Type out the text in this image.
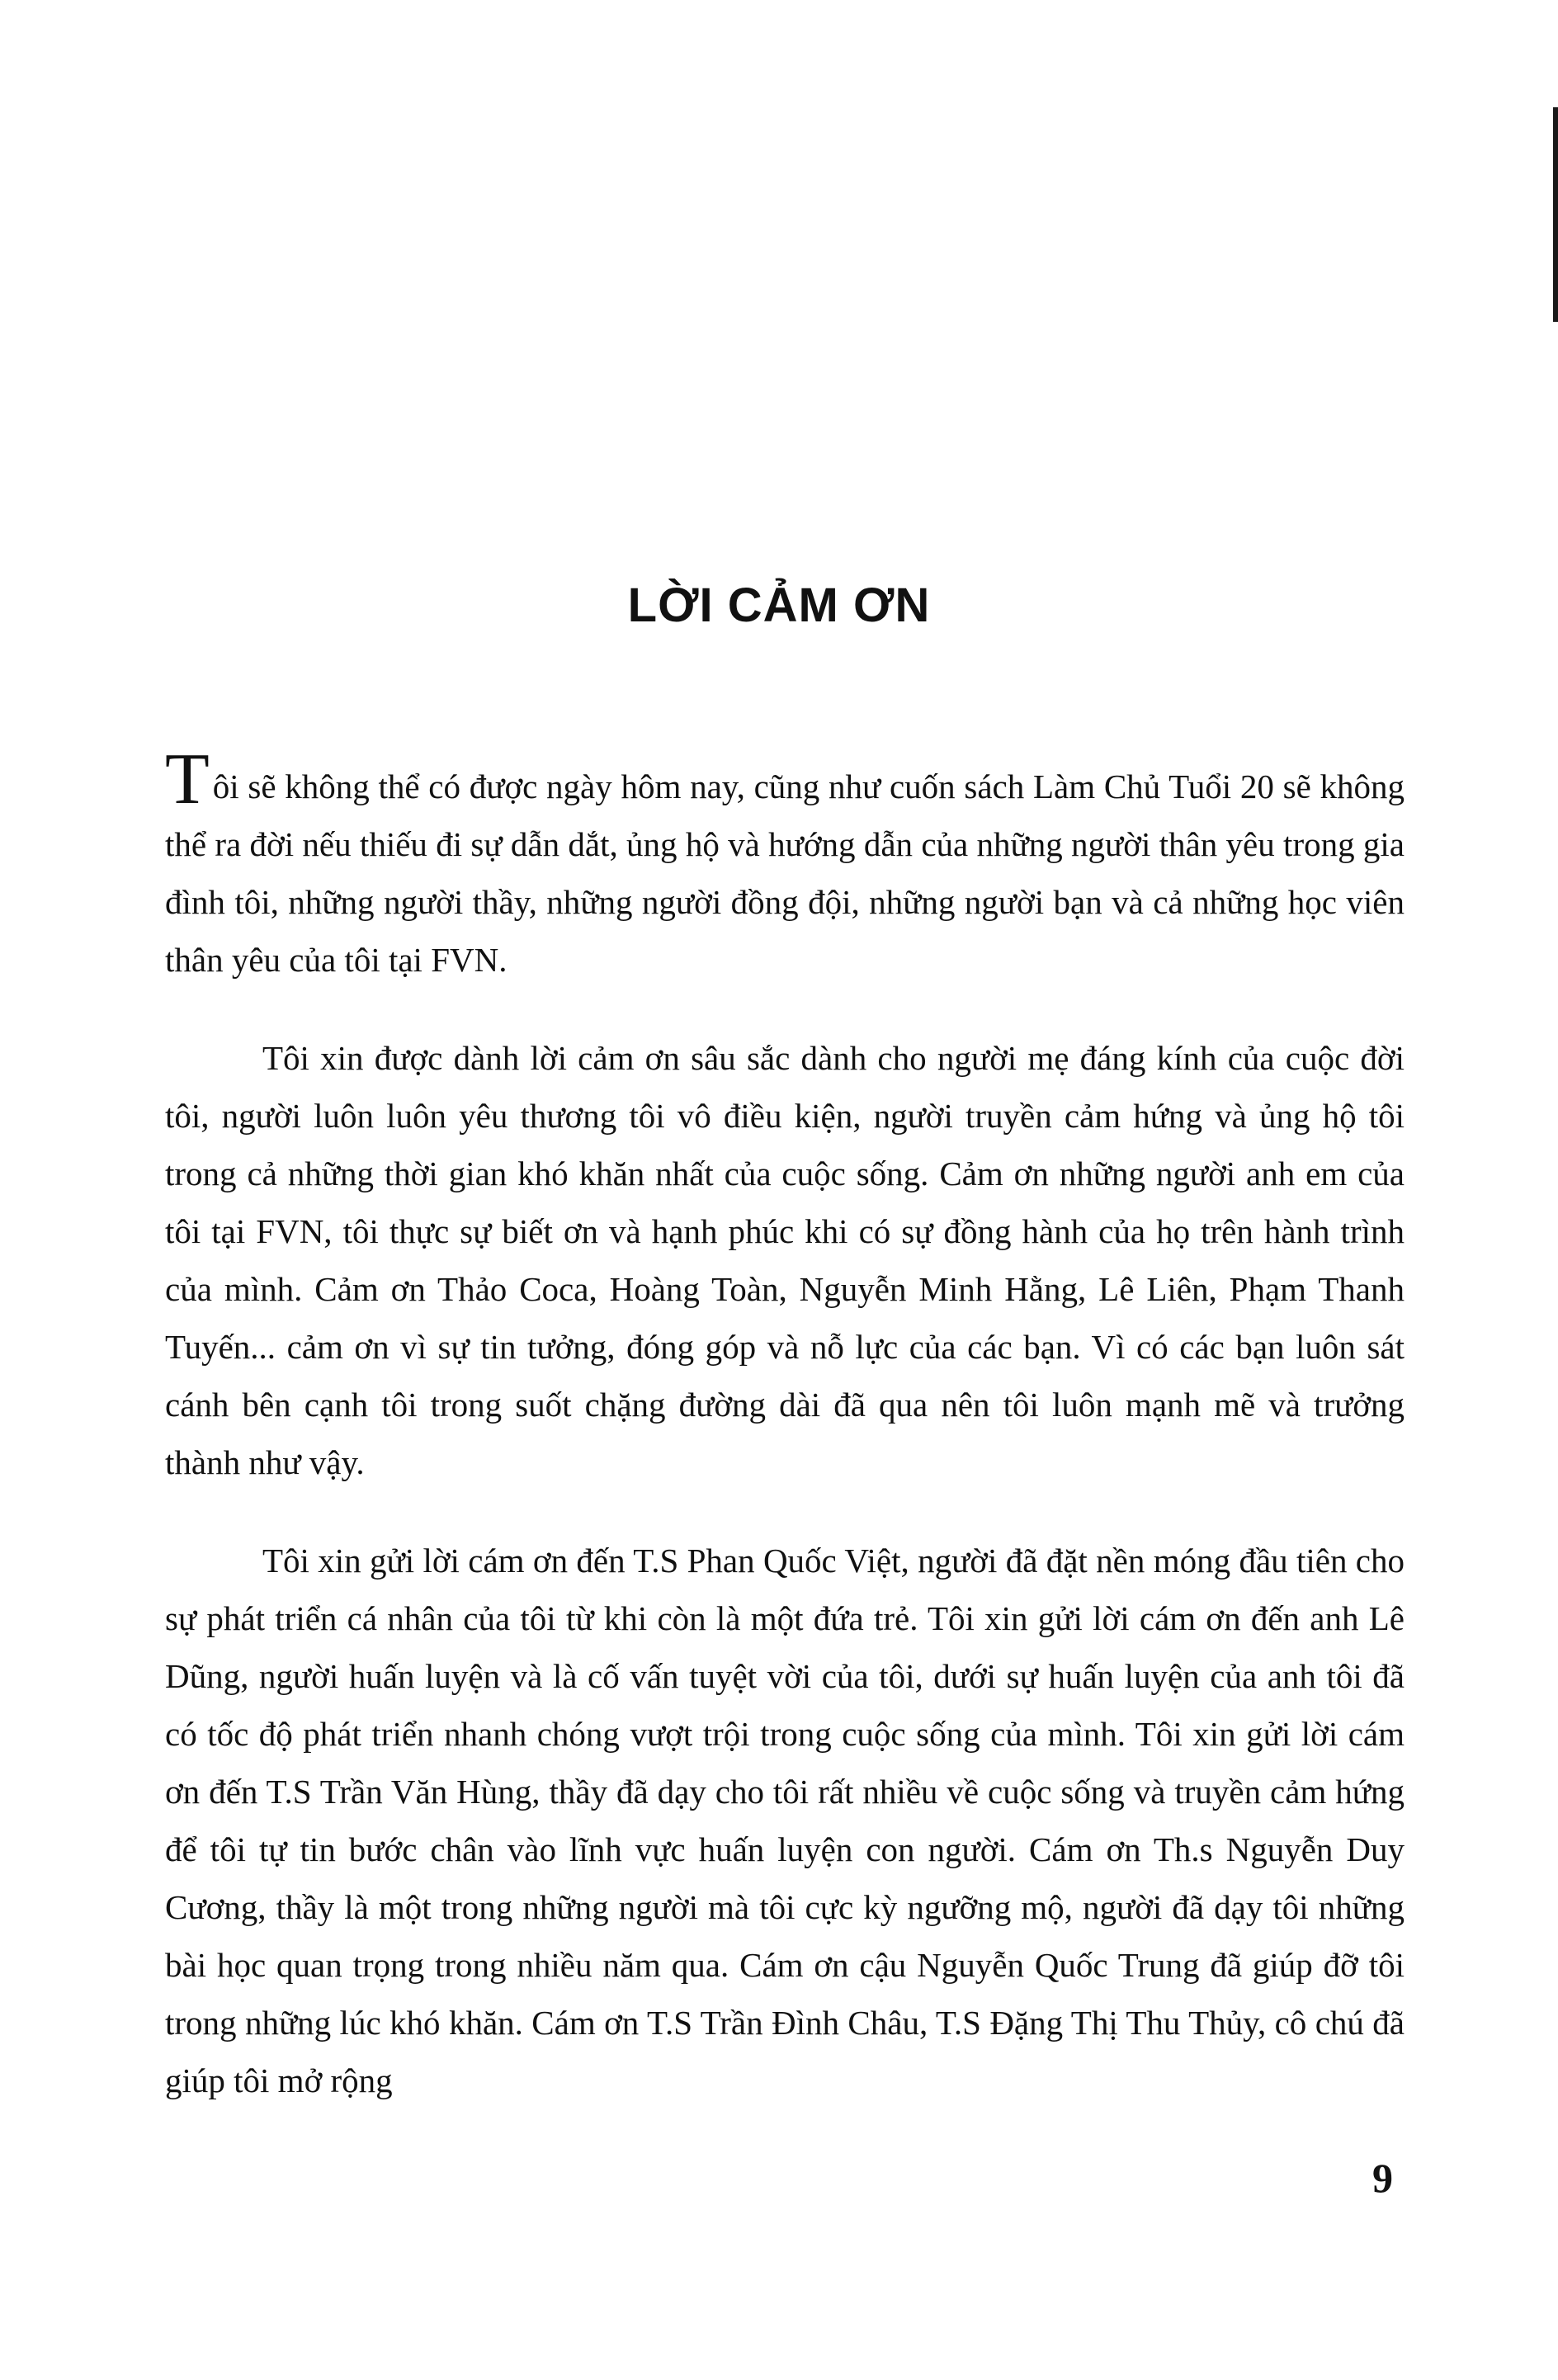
LỜI CẢM ƠN

Tôi sẽ không thể có được ngày hôm nay, cũng như cuốn sách Làm Chủ Tuổi 20 sẽ không thể ra đời nếu thiếu đi sự dẫn dắt, ủng hộ và hướng dẫn của những người thân yêu trong gia đình tôi, những người thầy, những người đồng đội, những người bạn và cả những học viên thân yêu của tôi tại FVN.

Tôi xin được dành lời cảm ơn sâu sắc dành cho người mẹ đáng kính của cuộc đời tôi, người luôn luôn yêu thương tôi vô điều kiện, người truyền cảm hứng và ủng hộ tôi trong cả những thời gian khó khăn nhất của cuộc sống. Cảm ơn những người anh em của tôi tại FVN, tôi thực sự biết ơn và hạnh phúc khi có sự đồng hành của họ trên hành trình của mình. Cảm ơn Thảo Coca, Hoàng Toàn, Nguyễn Minh Hằng, Lê Liên, Phạm Thanh Tuyến... cảm ơn vì sự tin tưởng, đóng góp và nỗ lực của các bạn. Vì có các bạn luôn sát cánh bên cạnh tôi trong suốt chặng đường dài đã qua nên tôi luôn mạnh mẽ và trưởng thành như vậy.

Tôi xin gửi lời cám ơn đến T.S Phan Quốc Việt, người đã đặt nền móng đầu tiên cho sự phát triển cá nhân của tôi từ khi còn là một đứa trẻ. Tôi xin gửi lời cám ơn đến anh Lê Dũng, người huấn luyện và là cố vấn tuyệt vời của tôi, dưới sự huấn luyện của anh tôi đã có tốc độ phát triển nhanh chóng vượt trội trong cuộc sống của mình. Tôi xin gửi lời cám ơn đến T.S Trần Văn Hùng, thầy đã dạy cho tôi rất nhiều về cuộc sống và truyền cảm hứng để tôi tự tin bước chân vào lĩnh vực huấn luyện con người. Cám ơn Th.s Nguyễn Duy Cương, thầy là một trong những người mà tôi cực kỳ ngưỡng mộ, người đã dạy tôi những bài học quan trọng trong nhiều năm qua. Cám ơn cậu Nguyễn Quốc Trung đã giúp đỡ tôi trong những lúc khó khăn. Cám ơn T.S Trần Đình Châu, T.S Đặng Thị Thu Thủy, cô chú đã giúp tôi mở rộng

9
